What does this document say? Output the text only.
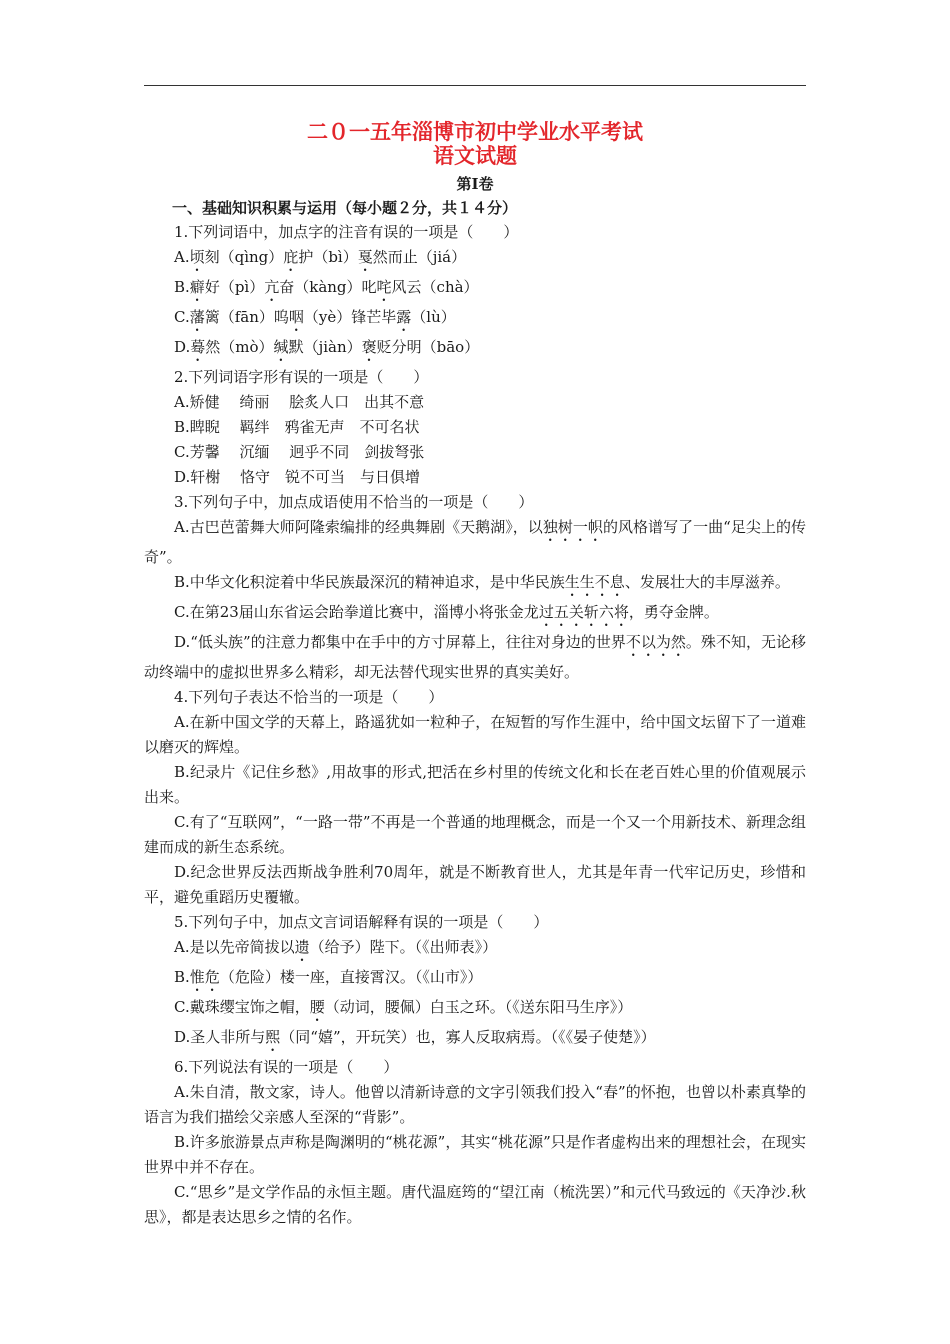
二０一五年淄博市初中学业水平考试
语文试题
第Ⅰ卷
一、基础知识积累与运用（每小题２分，共１４分）
1.下列词语中，加点字的注音有误的一项是（　　）
A.顷刻（qìng）庇护（bì）戛然而止（jiá）
B.癖好（pì）亢奋（kàng）叱咤风云（chà）
C.藩篱（fān）呜咽（yè）锋芒毕露（lù）
D.蓦然（mò）缄默（jiàn）褒贬分明（bāo）
2.下列词语字形有误的一项是（　　）
A.矫健　 绮丽　 脍炙人口　出其不意
B.睥睨　 羁绊　鸦雀无声　不可名状
C.芳馨　 沉缅　 迥乎不同　剑拔弩张
D.轩榭　 恪守　锐不可当　与日俱增
3.下列句子中，加点成语使用不恰当的一项是（　　）
A.古巴芭蕾舞大师阿隆索编排的经典舞剧《天鹅湖》，以独树一帜的风格谱写了一曲“足尖上的传奇”。
B.中华文化积淀着中华民族最深沉的精神追求，是中华民族生生不息、发展壮大的丰厚滋养。
C.在第23届山东省运会跆拳道比赛中，淄博小将张金龙过五关斩六将，勇夺金牌。
D.“低头族”的注意力都集中在手中的方寸屏幕上，往往对身边的世界不以为然。殊不知，无论移动终端中的虚拟世界多么精彩，却无法替代现实世界的真实美好。
4.下列句子表达不恰当的一项是（　　）
A.在新中国文学的天幕上，路遥犹如一粒种子，在短暂的写作生涯中，给中国文坛留下了一道难以磨灭的辉煌。
B.纪录片《记住乡愁》,用故事的形式,把活在乡村里的传统文化和长在老百姓心里的价值观展示出来。
C.有了“互联网”，“一路一带”不再是一个普通的地理概念，而是一个又一个用新技术、新理念组建而成的新生态系统。
D.纪念世界反法西斯战争胜利70周年，就是不断教育世人，尤其是年青一代牢记历史，珍惜和平，避免重蹈历史覆辙。
5.下列句子中，加点文言词语解释有误的一项是（　　）
A.是以先帝简拔以遗（给予）陛下。（《出师表》）
B.惟危（危险）楼一座，直接霄汉。（《山市》）
C.戴珠缨宝饰之帽，腰（动词，腰佩）白玉之环。（《送东阳马生序》）
D.圣人非所与熙（同“嬉”，开玩笑）也，寡人反取病焉。（《《晏子使楚》）
6.下列说法有误的一项是（　　）
A.朱自清，散文家，诗人。他曾以清新诗意的文字引领我们投入“春”的怀抱，也曾以朴素真挚的语言为我们描绘父亲感人至深的“背影”。
B.许多旅游景点声称是陶渊明的“桃花源”，其实“桃花源”只是作者虚构出来的理想社会，在现实世界中并不存在。
C.“思乡”是文学作品的永恒主题。唐代温庭筠的“望江南（梳洗罢）”和元代马致远的《天净沙.秋思》，都是表达思乡之情的名作。
